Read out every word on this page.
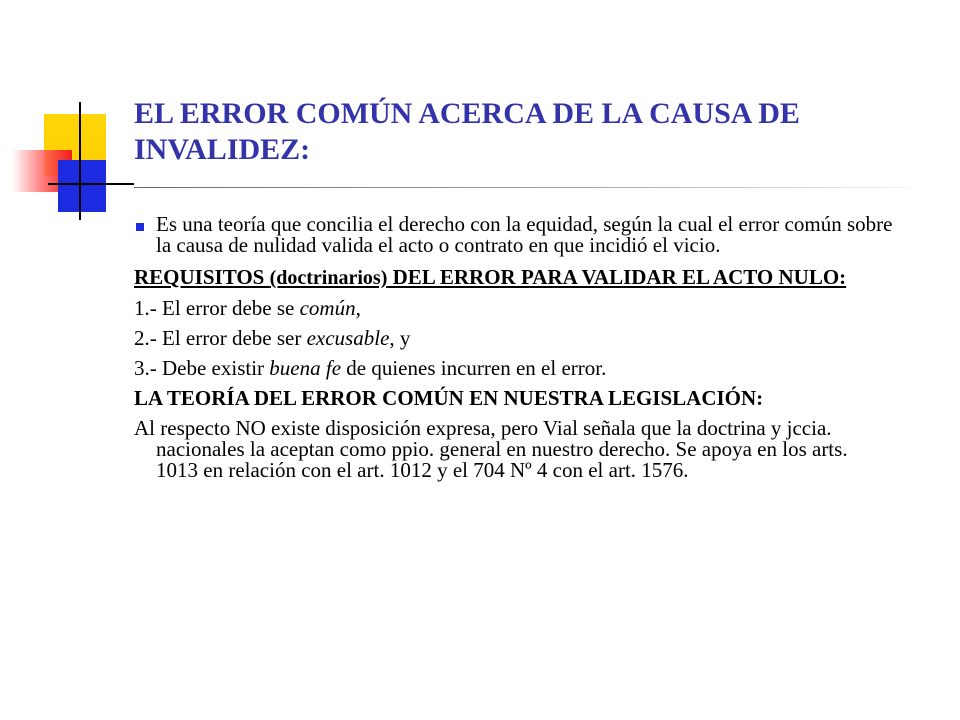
EL ERROR COMÚN ACERCA DE LA CAUSA DE INVALIDEZ:
Es una teoría que concilia el derecho con la equidad, según la cual el error común sobre la causa de nulidad valida el acto o contrato en que incidió el vicio.
REQUISITOS (doctrinarios) DEL ERROR PARA VALIDAR EL ACTO NULO:
1.- El error debe se común,
2.- El error debe ser excusable, y
3.- Debe existir buena fe de quienes incurren en el error.
LA TEORÍA DEL ERROR COMÚN EN NUESTRA LEGISLACIÓN:
Al respecto NO existe disposición expresa, pero Vial señala que la doctrina y jccia. nacionales la aceptan como ppio. general en nuestro derecho. Se apoya en los arts. 1013 en relación con el art. 1012 y el 704 Nº 4 con el art. 1576.
